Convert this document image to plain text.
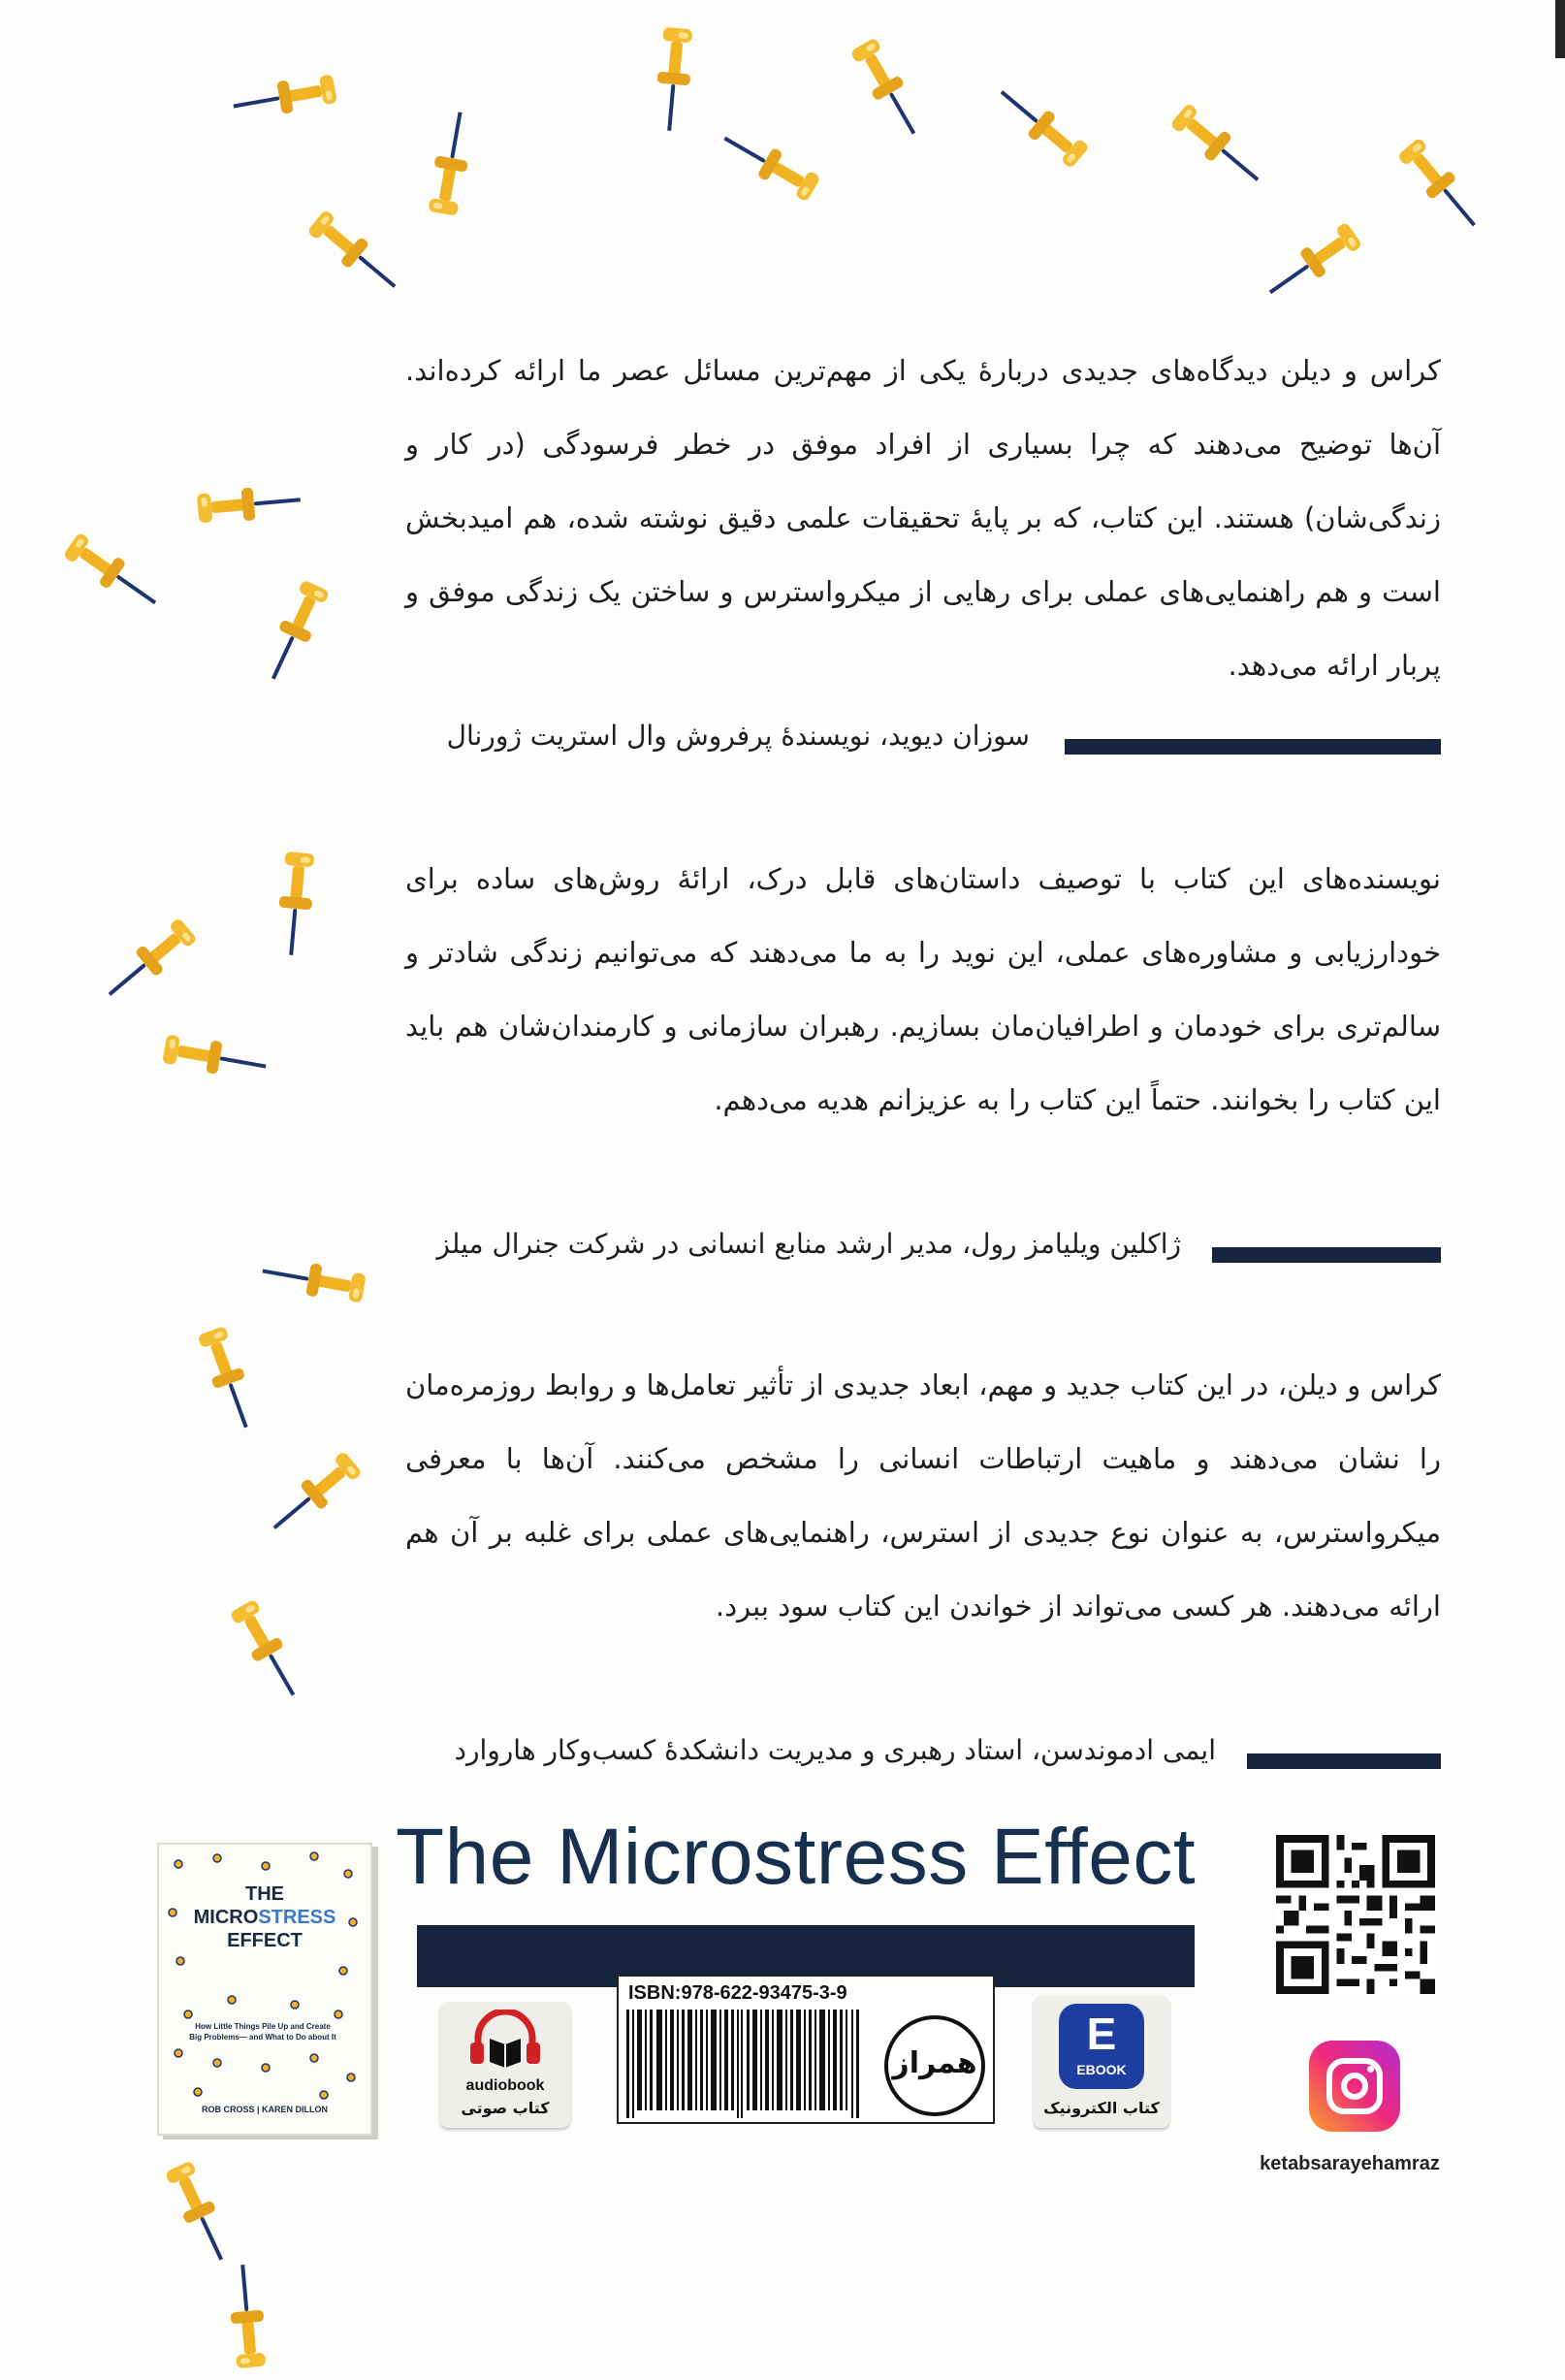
کراس و دیلن دیدگاه‌های جدیدی دربارهٔ یکی از مهم‌ترین مسائل عصر ما ارائه کرده‌اند. آن‌ها توضیح می‌دهند که چرا بسیاری از افراد موفق در خطر فرسودگی (در کار و زندگی‌شان) هستند. این کتاب، که بر پایهٔ تحقیقات علمی دقیق نوشته شده، هم امیدبخش است و هم راهنمایی‌های عملی برای رهایی از میکرواسترس و ساختن یک زندگی موفق و پربار ارائه می‌دهد.
سوزان دیوید، نویسندهٔ پرفروش وال استریت ژورنال
نویسنده‌های این کتاب با توصیف داستان‌های قابل درک، ارائهٔ روش‌های ساده برای خودارزیابی و مشاوره‌های عملی، این نوید را به ما می‌دهند که می‌توانیم زندگی شادتر و سالم‌تری برای خودمان و اطرافیان‌مان بسازیم. رهبران سازمانی و کارمندان‌شان هم باید این کتاب را بخوانند. حتماً این کتاب را به عزیزانم هدیه می‌دهم.
ژاکلین ویلیامز رول، مدیر ارشد منابع انسانی در شرکت جنرال میلز
کراس و دیلن، در این کتاب جدید و مهم، ابعاد جدیدی از تأثیر تعامل‌ها و روابط روزمره‌مان را نشان می‌دهند و ماهیت ارتباطات انسانی را مشخص می‌کنند. آن‌ها با معرفی میکرواسترس، به عنوان نوع جدیدی از استرس، راهنمایی‌های عملی برای غلبه بر آن هم ارائه می‌دهند. هر کسی می‌تواند از خواندن این کتاب سود ببرد.
ایمی ادموندسن، استاد رهبری و مدیریت دانشکدهٔ کسب‌وکار هاروارد
The Microstress Effect
THE
MICROSTRESS
EFFECT
How Little Things Pile Up and Create Big Problems— and What to Do about It
ROB CROSS | KAREN DILLON
audiobook
کتاب صوتی
ISBN:978-622-93475-3-9
همراز
E
EBOOK
کتاب الکترونیک
ketabsarayehamraz
